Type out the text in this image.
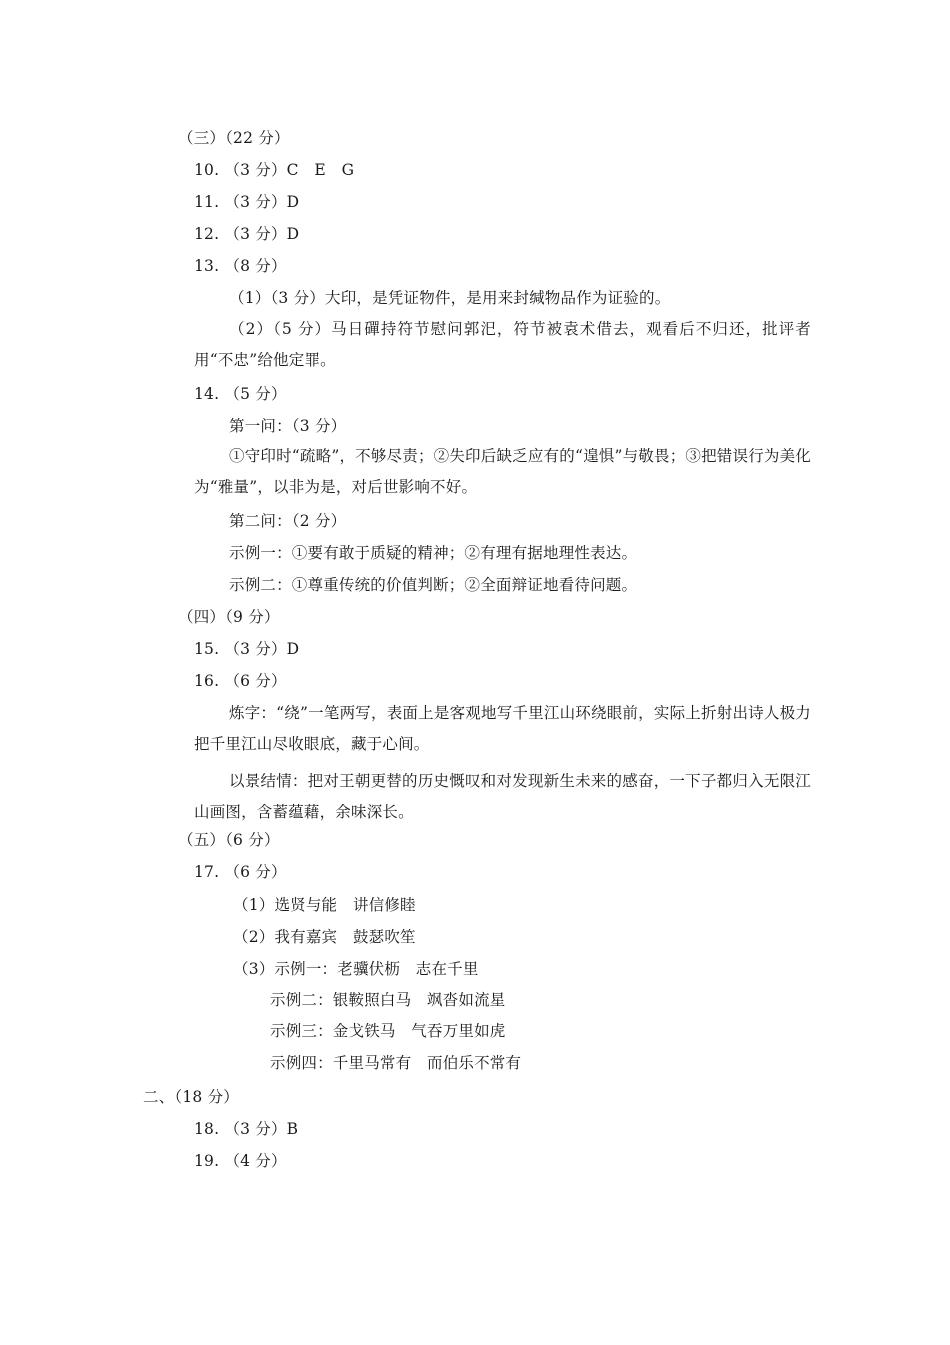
（三）（22 分）
10. （3 分）C　E　G
11. （3 分）D
12. （3 分）D
13. （8 分）
（1）（3 分）大印，是凭证物件，是用来封缄物品作为证验的。
（2）（5 分）马日磾持符节慰问郭汜，符节被袁术借去，观看后不归还，批评者用“不忠”给他定罪。
14. （5 分）
第一问：（3 分）
①守印时“疏略”，不够尽责；②失印后缺乏应有的“遑惧”与敬畏；③把错误行为美化为“雅量”，以非为是，对后世影响不好。
第二问：（2 分）
示例一：①要有敢于质疑的精神；②有理有据地理性表达。
示例二：①尊重传统的价值判断；②全面辩证地看待问题。
（四）（9 分）
15. （3 分）D
16. （6 分）
炼字：“绕”一笔两写，表面上是客观地写千里江山环绕眼前，实际上折射出诗人极力把千里江山尽收眼底，藏于心间。
以景结情：把对王朝更替的历史慨叹和对发现新生未来的感奋，一下子都归入无限江山画图，含蓄蕴藉，余味深长。
（五）（6 分）
17. （6 分）
（1）选贤与能　讲信修睦
（2）我有嘉宾　鼓瑟吹笙
（3）示例一：老骥伏枥　志在千里
示例二：银鞍照白马　飒沓如流星
示例三：金戈铁马　气吞万里如虎
示例四：千里马常有　而伯乐不常有
二、（18 分）
18. （3 分）B
19. （4 分）
